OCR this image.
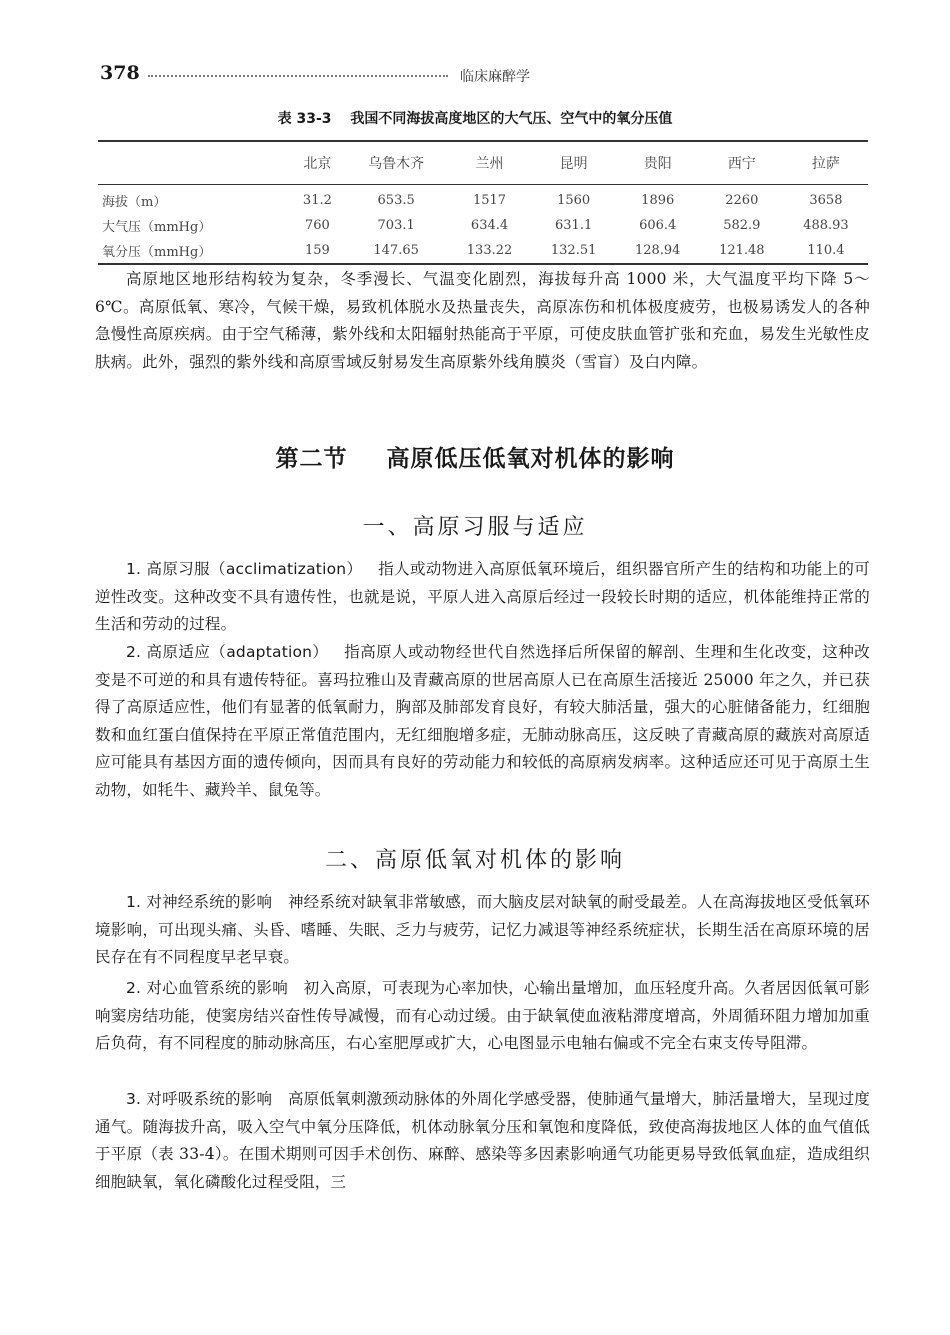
378	临床麻醉学
表 33-3 我国不同海拔高度地区的大气压、空气中的氧分压值
	北京	乌鲁木齐	兰州	昆明	贵阳	西宁	拉萨
海拔（m）	31.2	653.5	1517	1560	1896	2260	3658
大气压（mmHg）	760	703.1	634.4	631.1	606.4	582.9	488.93
氧分压（mmHg）	159	147.65	133.22	132.51	128.94	121.48	110.4

高原地区地形结构较为复杂，冬季漫长、气温变化剧烈，海拔每升高 1000 米，大气温度平均下降 5～6℃。高原低氧、寒冷，气候干燥，易致机体脱水及热量丧失，高原冻伤和机体极度疲劳，也极易诱发人的各种急慢性高原疾病。由于空气稀薄，紫外线和太阳辐射热能高于平原，可使皮肤血管扩张和充血，易发生光敏性皮肤病。此外，强烈的紫外线和高原雪域反射易发生高原紫外线角膜炎（雪盲）及白内障。

第二节 高原低压低氧对机体的影响
一、高原习服与适应

1. 高原习服（acclimatization）  指人或动物进入高原低氧环境后，组织器官所产生的结构和功能上的可逆性改变。这种改变不具有遗传性，也就是说，平原人进入高原后经过一段较长时期的适应，机体能维持正常的生活和劳动的过程。

2. 高原适应（adaptation）  指高原人或动物经世代自然选择后所保留的解剖、生理和生化改变，这种改变是不可逆的和具有遗传特征。喜玛拉雅山及青藏高原的世居高原人已在高原生活接近 25000 年之久，并已获得了高原适应性，他们有显著的低氧耐力，胸部及肺部发育良好，有较大肺活量，强大的心脏储备能力，红细胞数和血红蛋白值保持在平原正常值范围内，无红细胞增多症，无肺动脉高压，这反映了青藏高原的藏族对高原适应可能具有基因方面的遗传倾向，因而具有良好的劳动能力和较低的高原病发病率。这种适应还可见于高原土生动物，如牦牛、藏羚羊、鼠兔等。

二、高原低氧对机体的影响

1. 对神经系统的影响  神经系统对缺氧非常敏感，而大脑皮层对缺氧的耐受最差。人在高海拔地区受低氧环境影响，可出现头痛、头昏、嗜睡、失眠、乏力与疲劳，记忆力减退等神经系统症状，长期生活在高原环境的居民存在有不同程度早老早衰。

2. 对心血管系统的影响  初入高原，可表现为心率加快，心输出量增加，血压轻度升高。久者居因低氧可影响窦房结功能，使窦房结兴奋性传导减慢，而有心动过缓。由于缺氧使血液粘滞度增高，外周循环阻力增加加重后负荷，有不同程度的肺动脉高压，右心室肥厚或扩大，心电图显示电轴右偏或不完全右束支传导阻滞。

3. 对呼吸系统的影响  高原低氧刺激颈动脉体的外周化学感受器，使肺通气量增大，肺活量增大，呈现过度通气。随海拔升高，吸入空气中氧分压降低，机体动脉氧分压和氧饱和度降低，致使高海拔地区人体的血气值低于平原（表 33-4）。在围术期则可因手术创伤、麻醉、感染等多因素影响通气功能更易导致低氧血症，造成组织细胞缺氧，氧化磷酸化过程受阻，三
